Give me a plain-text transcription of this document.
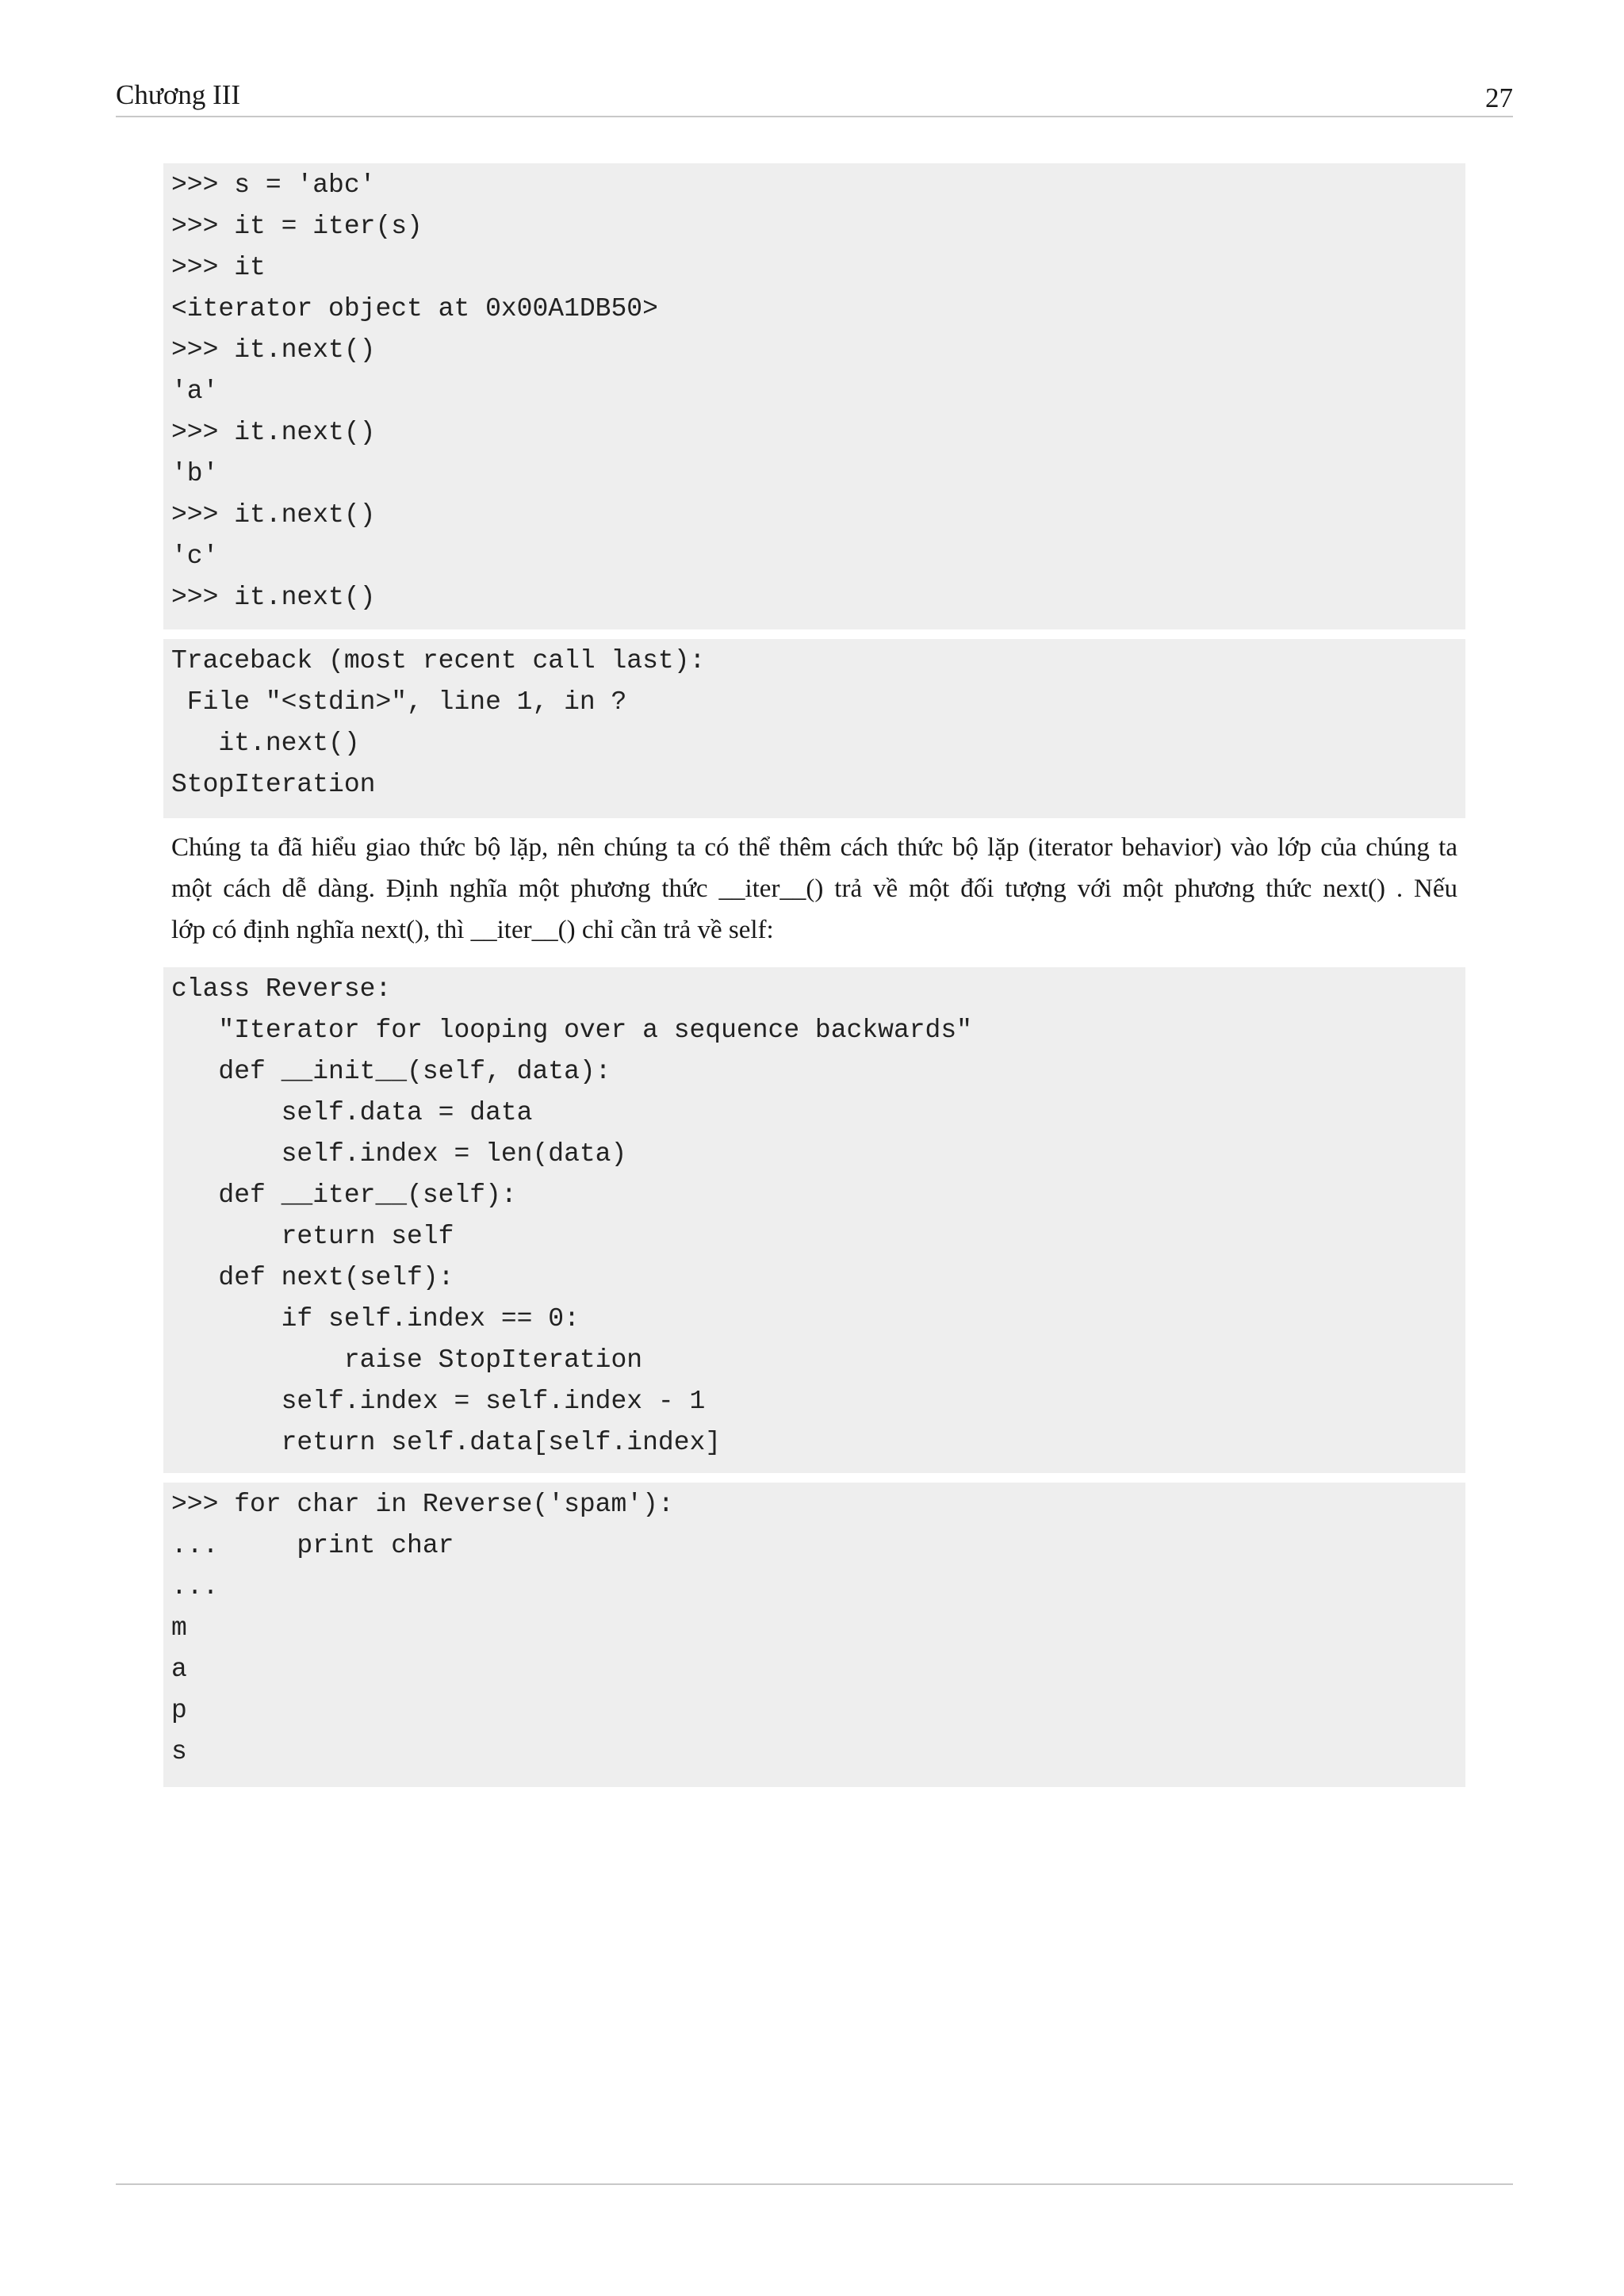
Chương III	27
>>> s = 'abc'
>>> it = iter(s)
>>> it
<iterator object at 0x00A1DB50>
>>> it.next()
'a'
>>> it.next()
'b'
>>> it.next()
'c'
>>> it.next()
Traceback (most recent call last):
File "<stdin>", line 1, in ?
it.next()
StopIteration
Chúng ta đã hiểu giao thức bộ lặp, nên chúng ta có thể thêm cách thức bộ lặp (iterator behavior) vào lớp của chúng ta
một cách dễ dàng. Định nghĩa một phương thức __iter__() trả về một đối tượng với một phương thức next() . Nếu
lớp có định nghĩa next(), thì __iter__() chỉ cần trả về self:
class Reverse:
"Iterator for looping over a sequence backwards"
def __init__(self, data):
self.data = data
self.index = len(data)
def __iter__(self):
return self
def next(self):
if self.index == 0:
raise StopIteration
self.index = self.index - 1
return self.data[self.index]
>>> for char in Reverse('spam'):
...     print char
...
m
a
p
s
